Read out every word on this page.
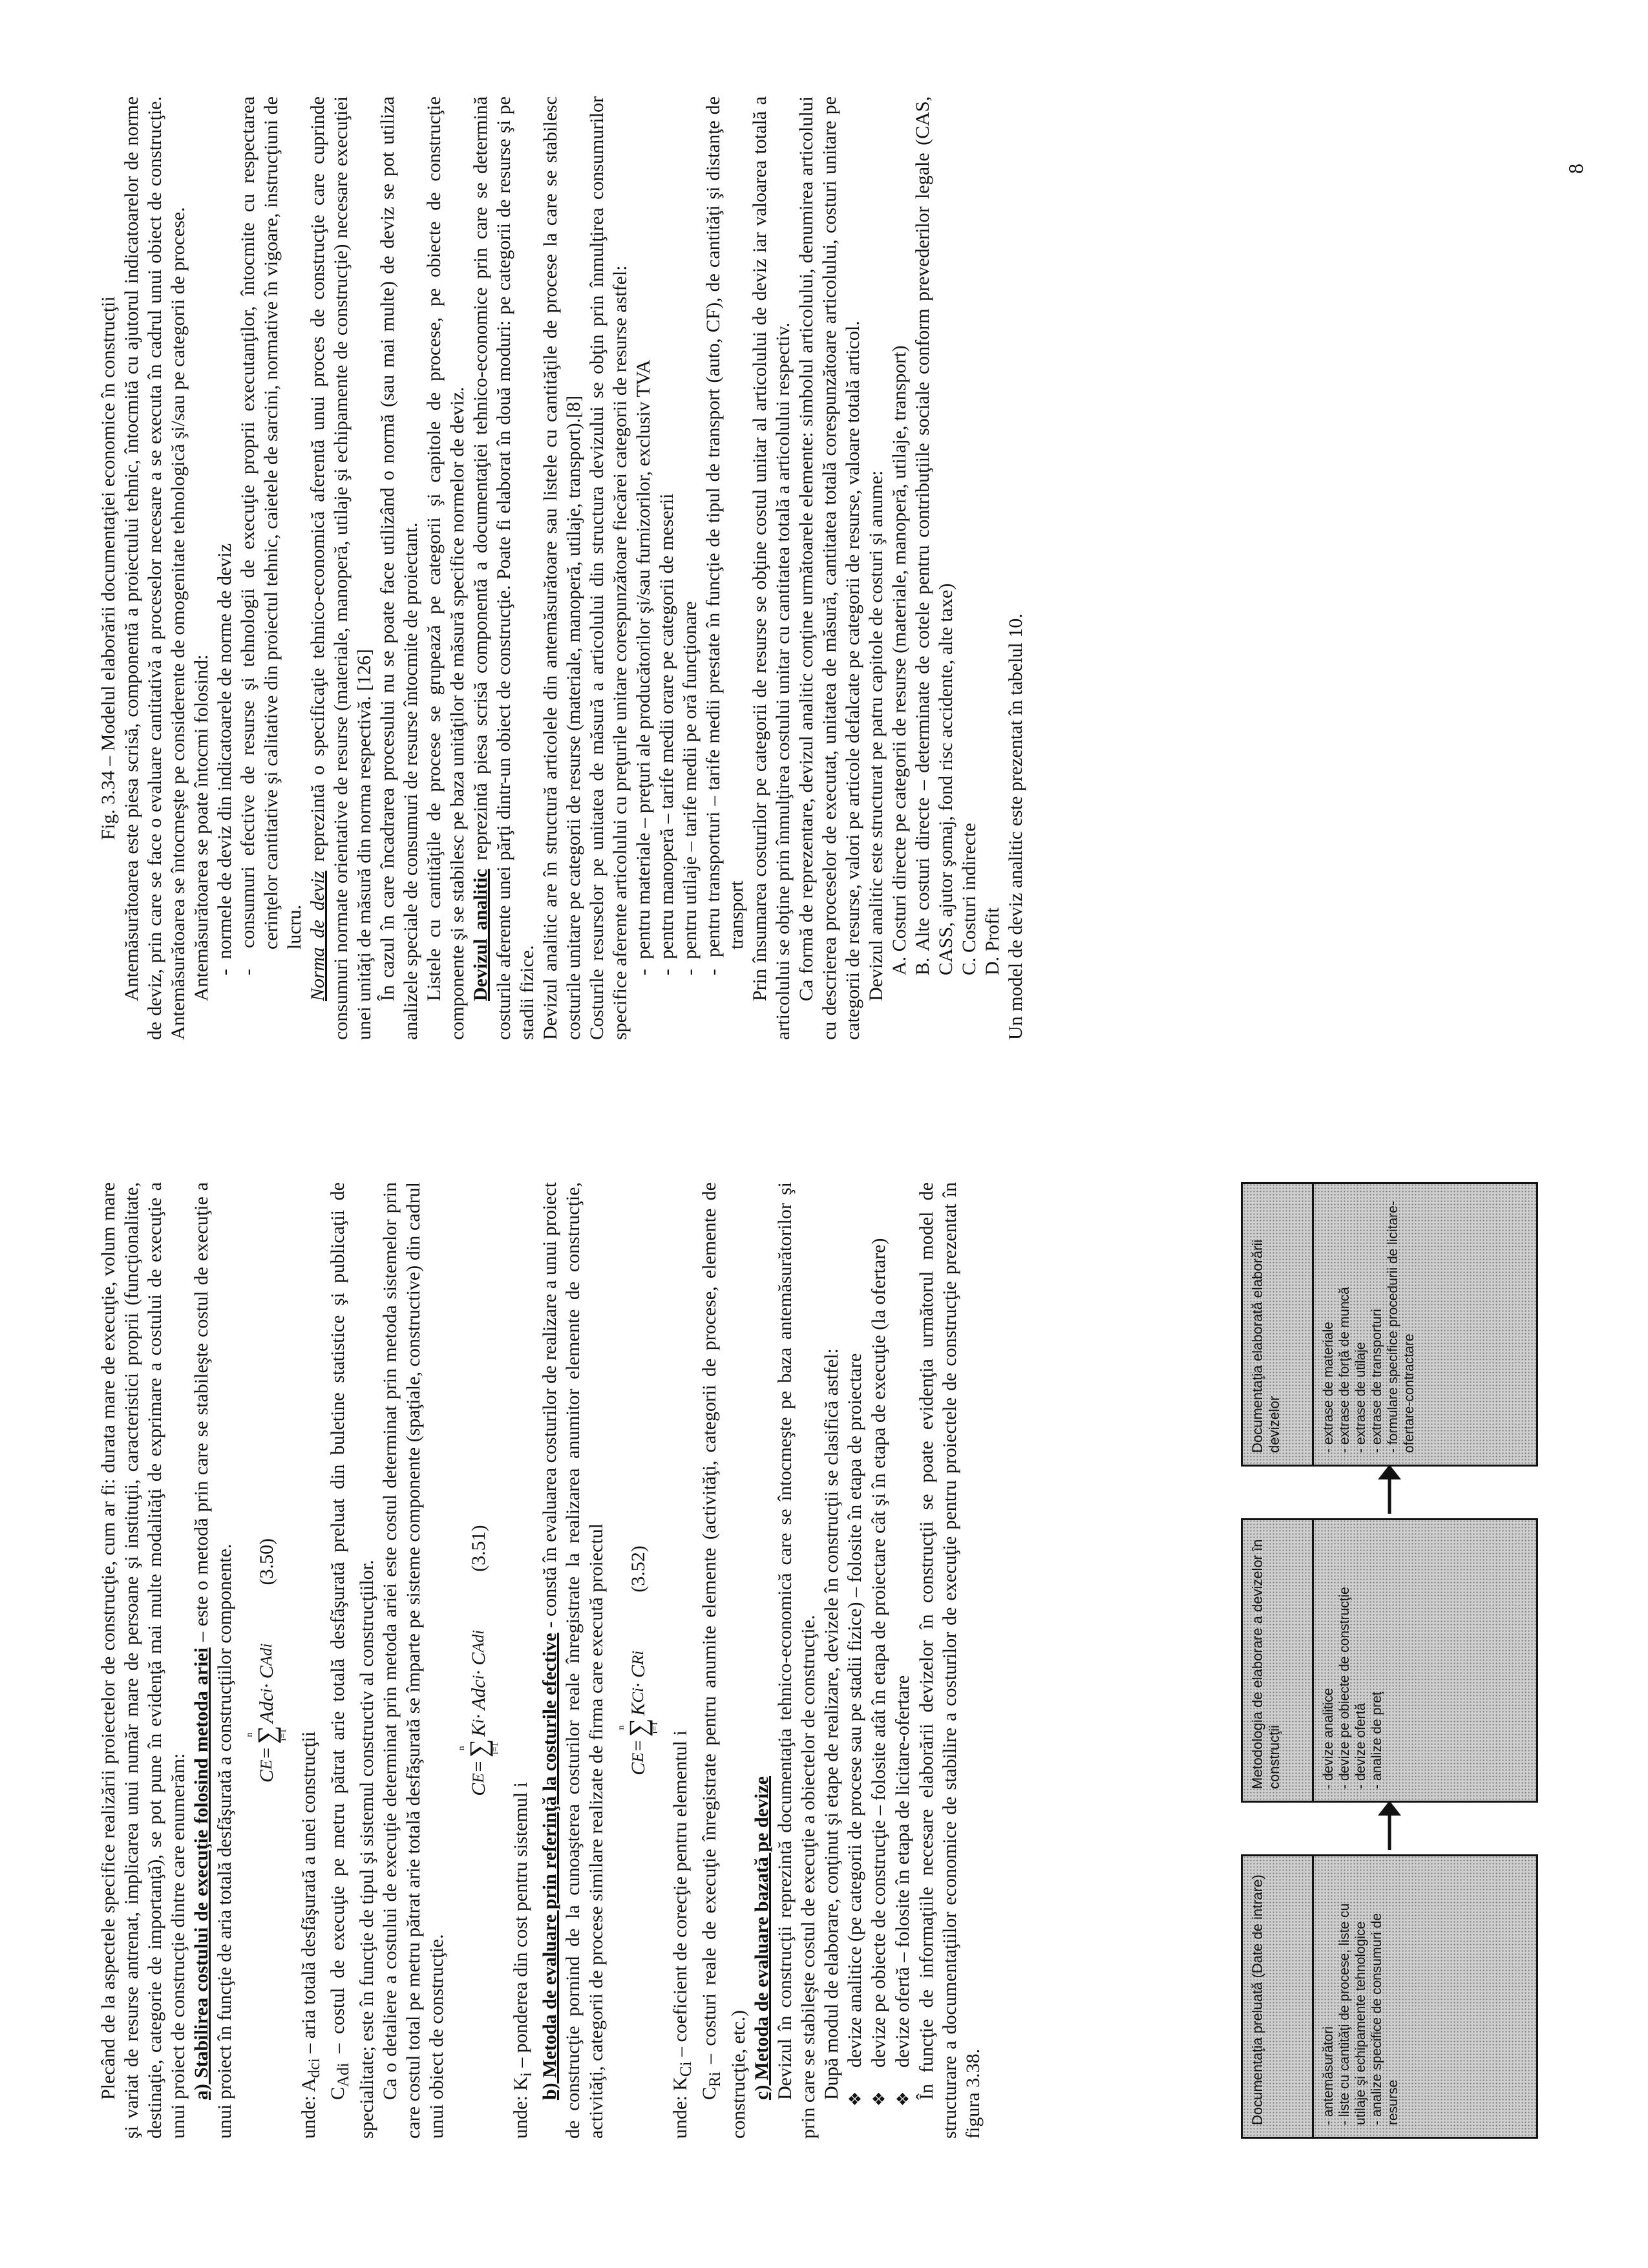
Plecând de la aspectele specifice realizării proiectelor de construcţie, cum ar fi: durata mare de execuţie, volum mare şi variat de resurse antrenat, implicarea unui număr mare de persoane şi instituţii, caracteristici proprii (funcţionalitate, destinaţie, categorie de importanţă), se pot pune în evidenţă mai multe modalităţi de exprimare a costului de execuţie a unui proiect de construcţie dintre care enumerăm: a) Stabilirea costului de execuţie folosind metoda ariei – este o metodă prin care se stabileşte costul de execuţie a unui proiect în funcţie de aria totală desfăşurată a construcţiilor componente. C
E
=
n
∑
i=1
Adc
i
· C
Adi
(3.50)

unde: $A_{dci}$ – aria totală desfăşurată a unei construcţii

$C_{Adi}$ – costul de execuţie pe metru pătrat arie totală desfăşurată preluat din buletine statistice şi publicaţii de specialitate; este în funcţie de tipul şi sistemul constructiv al construcţiilor. Ca o detaliere a costului de execuţie determinat prin metoda ariei este costul determinat prin metoda sistemelor prin care costul total pe metru pătrat arie totală desfăşurată se împarte pe sisteme componente (spaţiale, constructive) din cadrul unui obiect de construcţie.

C
E
=
n
∑
i=1
K
i
· Adc
i
· C
Adi
(3.51)

unde: $K_i$ – ponderea din cost pentru sistemul i b) Metoda de evaluare prin referinţă la costurile efective - constă în evaluarea costurilor de realizare a unui proiect de construcţie pornind de la cunoaşterea costurilor reale înregistrate la realizarea anumitor elemente de construcţie, activităţi, categorii de procese similare realizate de firma care execută proiectul C
E
=
n
∑
i=1
K
Ci
· C
Ri
(3.52)

unde: $K_{Ci}$ – coeficient de corecţie pentru elementul i

$C_{Ri}$ – costuri reale de execuţie înregistrate pentru anumite elemente (activităţi, categorii de procese, elemente de construcţie, etc.) c) Metoda de evaluare bazată pe devize Devizul în construcţii reprezintă documentaţia tehnico-economică care se întocmeşte pe baza antemăsurătorilor şi prin care se stabileşte costul de execuţie a obiectelor de construcţie. După modul de elaborare, conţinut şi etape de realizare, devizele în construcţii se clasifică astfel: ❖devize analitice (pe categorii de procese sau pe stadii fizice) – folosite în etapa de proiectare

❖devize pe obiecte de construcţie – folosite atât în etapa de proiectare cât şi în etapa de execuţie (la ofertare)

❖devize ofertă – folosite în etapa de licitare-ofertare În funcţie de informaţiile necesare elaborării devizelor în construcţii se poate evidenţia următorul model de structurare a documentaţiilor economice de stabilire a costurilor de execuţie pentru proiectele de construcţie prezentat în figura 3.38.	Documentaţia preluată (Date de intrare)	- antemăsurători - liste cu cantităţi de procese, liste cu utilaje şi echipamente tehnologice - analize specifice de consumuri de resurse
Metodologia de elaborare a devizelor în construcţii	- devize analitice - devize pe obiecte de construcţie - devize ofertă - analize de preţ
Documentaţia elaborată elaborării devizelor	- extrase de materiale - extrase de forţă de muncă - extrase de utilaje - extrase de transporturi - formulare specifice procedurii de licitare-ofertare-contractare

Fig. 3.34 – Modelul elaborării documentaţiei economice în construcţii Antemăsurătoarea este piesa scrisă, componentă a proiectului tehnic, întocmită cu ajutorul indicatoarelor de norme de deviz, prin care se face o evaluare cantitativă a proceselor necesare a se executa în cadrul unui obiect de construcţie. Antemăsurătoarea se întocmeşte pe considerente de omogenitate tehnologică şi/sau pe categorii de procese. Antemăsurătoarea se poate întocmi folosind: -  normele de deviz din indicatoarele de norme de deviz

-  consumuri efective de resurse şi tehnologii de execuţie proprii executanţilor, întocmite cu respectarea cerinţelor cantitative şi calitative din proiectul tehnic, caietele de sarcini, normative în vigoare, instrucţiuni de lucru. Norma de deviz reprezintă o specificaţie tehnico-economică aferentă unui proces de construcţie care cuprinde consumuri normate orientative de resurse (materiale, manoperă, utilaje şi echipamente de construcţie) necesare execuţiei unei unităţi de măsură din norma respectivă. [126] În cazul în care încadrarea procesului nu se poate face utilizând o normă (sau mai multe) de deviz se pot utiliza analizele speciale de consumuri de resurse întocmite de proiectant. Listele cu cantităţile de procese se grupează pe categorii şi capitole de procese, pe obiecte de construcţie componente şi se stabilesc pe baza unităţilor de măsură specifice normelor de deviz. Devizul analitic reprezintă piesa scrisă componentă a documentaţiei tehnico-economice prin care se determină costurile aferente unei părţi dintr-un obiect de construcţie. Poate fi elaborat în două moduri: pe categorii de resurse şi pe stadii fizice. Devizul analitic are în structură articolele din antemăsurătoare sau listele cu cantităţile de procese la care se stabilesc costurile unitare pe categorii de resurse (materiale, manoperă, utilaje, transport).[8] Costurile resurselor pe unitatea de măsură a articolului din structura devizului se obţin prin înmulţirea consumurilor specifice aferente articolului cu preţurile unitare corespunzătoare fiecărei categorii de resurse astfel: -  pentru materiale – preţuri ale producătorilor şi/sau furnizorilor, exclusiv TVA

-  pentru manoperă – tarife medii orare pe categorii de meserii

-  pentru utilaje – tarife medii pe oră funcţionare

-  pentru transporturi – tarife medii prestate în funcţie de tipul de transport (auto, CF), de cantităţi şi distanţe de transport Prin însumarea costurilor pe categorii de resurse se obţine costul unitar al articolului de deviz iar valoarea totală a articolului se obţine prin înmulţirea costului unitar cu cantitatea totală a articolului respectiv. Ca formă de reprezentare, devizul analitic conţine următoarele elemente: simbolul articolului, denumirea articolului cu descrierea proceselor de executat, unitatea de măsură, cantitatea totală corespunzătoare articolului, costuri unitare pe categorii de resurse, valori pe articole defalcate pe categorii de resurse, valoare totală articol. Devizul analitic este structurat pe patru capitole de costuri şi anume: A. Costuri directe pe categorii de resurse (materiale, manoperă, utilaje, transport) B. Alte costuri directe – determinate de cotele pentru contribuţiile sociale conform prevederilor legale (CAS, CASS, ajutor şomaj, fond risc accidente, alte taxe) C. Costuri indirecte D. Profit Un model de deviz analitic este prezentat în tabelul 10.

8
